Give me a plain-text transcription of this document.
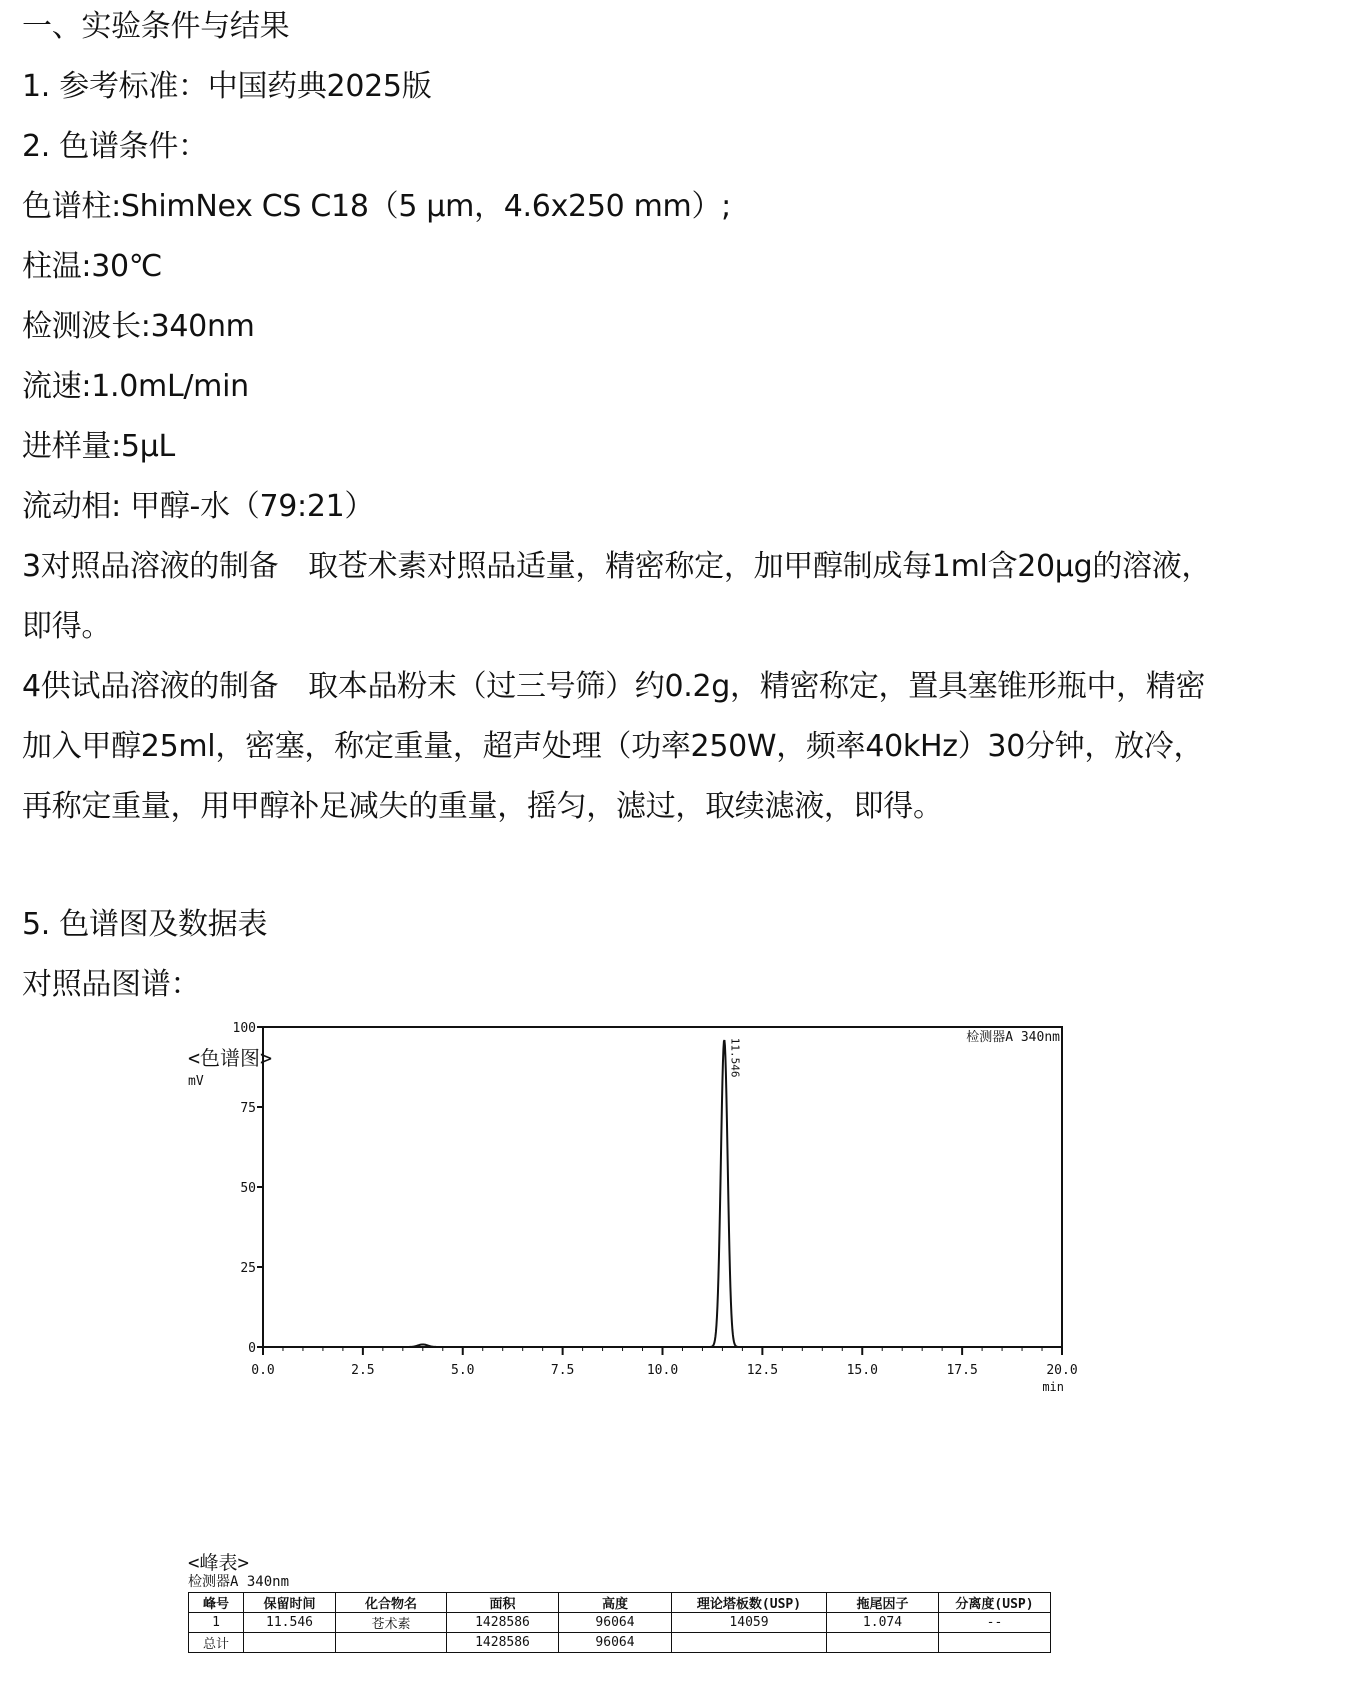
一、实验条件与结果
1. 参考标准：中国药典2025版
2. 色谱条件：
色谱柱:ShimNex CS C18（5 μm，4.6x250 mm）;
柱温:30℃
检测波长:340nm
流速:1.0mL/min
进样量:5μL
流动相: 甲醇-水（79:21）
3对照品溶液的制备　取苍术素对照品适量，精密称定，加甲醇制成每1ml含20μg的溶液，
即得。
4供试品溶液的制备　取本品粉末（过三号筛）约0.2g，精密称定，置具塞锥形瓶中，精密
加入甲醇25ml，密塞，称定重量，超声处理（功率250W，频率40kHz）30分钟，放冷，
再称定重量，用甲醇补足减失的重量，摇匀，滤过，取续滤液，即得。
5. 色谱图及数据表
对照品图谱：
<色谱图>
mV
0
25
50
75
100
0.0	2.5	5.0	7.5	10.0	12.5	15.0	17.5	20.0
11.546
检测器A 340nm
min
<峰表>
检测器A 340nm
峰号	保留时间	化合物名	面积	高度	理论塔板数(USP)	拖尾因子	分离度(USP)
1	11.546	苍术素	1428586	96064	14059	1.074	--
总计			1428586	96064			
